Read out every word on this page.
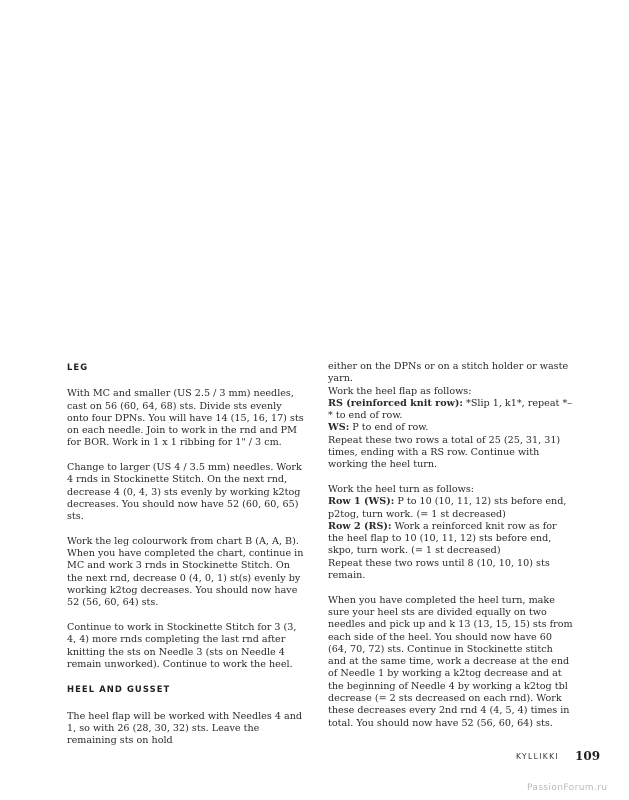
LEG

With MC and smaller (US 2.5 / 3 mm) needles, cast on 56 (60, 64, 68) sts. Divide sts evenly onto four DPNs. You will have 14 (15, 16, 17) sts on each needle. Join to work in the rnd and PM for BOR. Work in 1 x 1 ribbing for 1" / 3 cm.

Change to larger (US 4 / 3.5 mm) needles. Work 4 rnds in Stockinette Stitch. On the next rnd, decrease 4 (0, 4, 3) sts evenly by working k2tog decreases. You should now have 52 (60, 60, 65) sts.

Work the leg colourwork from chart B (A, A, B). When you have completed the chart, continue in MC and work 3 rnds in Stockinette Stitch. On the next rnd, decrease 0 (4, 0, 1) st(s) evenly by working k2tog decreases. You should now have 52 (56, 60, 64) sts.

Continue to work in Stockinette Stitch for 3 (3, 4, 4) more rnds completing the last rnd after knitting the sts on Needle 3 (sts on Needle 4 remain unworked). Continue to work the heel.

HEEL AND GUSSET

The heel flap will be worked with Needles 4 and 1, so with 26 (28, 30, 32) sts. Leave the remaining sts on hold

either on the DPNs or on a stitch holder or waste yarn.
Work the heel flap as follows:
RS (reinforced knit row): *Slip 1, k1*, repeat *–* to end of row.
WS: P to end of row.
Repeat these two rows a total of 25 (25, 31, 31) times, ending with a RS row. Continue with working the heel turn.

Work the heel turn as follows:
Row 1 (WS): P to 10 (10, 11, 12) sts before end, p2tog, turn work. (= 1 st decreased)
Row 2 (RS): Work a reinforced knit row as for the heel flap to 10 (10, 11, 12) sts before end, skpo, turn work. (= 1 st decreased)
Repeat these two rows until 8 (10, 10, 10) sts remain.

When you have completed the heel turn, make sure your heel sts are divided equally on two needles and pick up and k 13 (13, 15, 15) sts from each side of the heel. You should now have 60 (64, 70, 72) sts. Continue in Stockinette stitch and at the same time, work a decrease at the end of Needle 1 by working a k2tog decrease and at the beginning of Needle 4 by working a k2tog tbl decrease (= 2 sts decreased on each rnd). Work these decreases every 2nd rnd 4 (4, 5, 4) times in total. You should now have 52 (56, 60, 64) sts.

KYLLIKKI 109
PassionForum.ru
